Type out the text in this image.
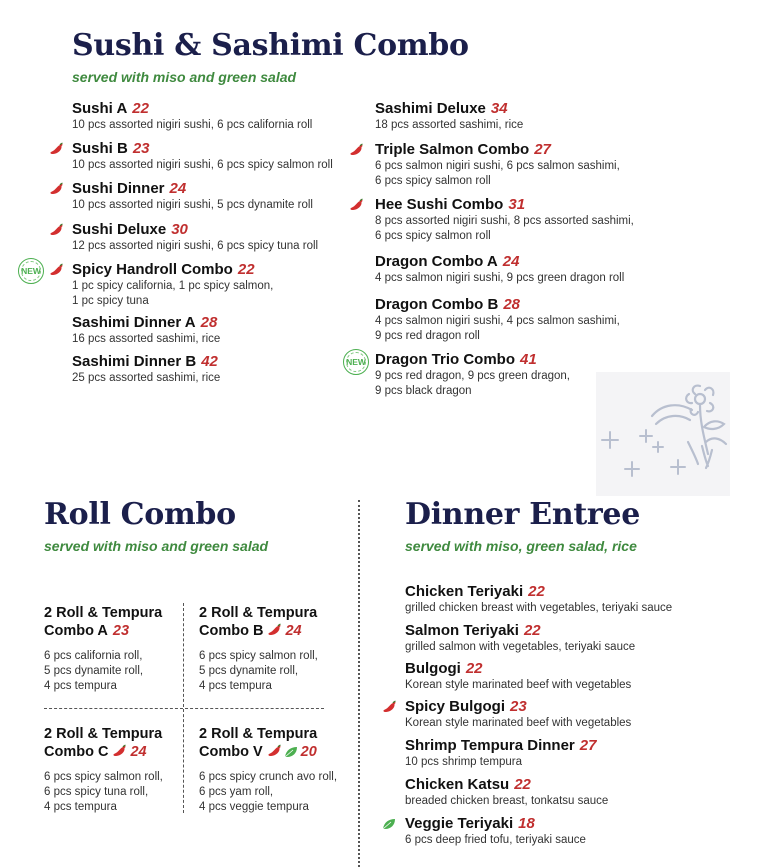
Sushi & Sashimi Combo
served with miso and green salad
Sushi A 22
10 pcs assorted nigiri sushi, 6 pcs california roll
Sushi B 23
10 pcs assorted nigiri sushi, 6 pcs spicy salmon roll
Sushi Dinner 24
10 pcs assorted nigiri sushi, 5 pcs dynamite roll
Sushi Deluxe 30
12 pcs assorted nigiri sushi, 6 pcs spicy tuna roll
NEW Spicy Handroll Combo 22
1 pc spicy california, 1 pc spicy salmon,
1 pc spicy tuna
Sashimi Dinner A 28
16 pcs assorted sashimi, rice
Sashimi Dinner B 42
25 pcs assorted sashimi, rice
Sashimi Deluxe 34
18 pcs assorted sashimi, rice
Triple Salmon Combo 27
6 pcs salmon nigiri sushi, 6 pcs salmon sashimi,
6 pcs spicy salmon roll
Hee Sushi Combo 31
8 pcs assorted nigiri sushi, 8 pcs assorted sashimi,
6 pcs spicy salmon roll
Dragon Combo A 24
4 pcs salmon nigiri sushi, 9 pcs green dragon roll
Dragon Combo B 28
4 pcs salmon nigiri sushi, 4 pcs salmon sashimi,
9 pcs red dragon roll
NEW Dragon Trio Combo 41
9 pcs red dragon, 9 pcs green dragon,
9 pcs black dragon
Roll Combo
served with miso and green salad
2 Roll & Tempura
Combo A 23
6 pcs california roll,
5 pcs dynamite roll,
4 pcs tempura
2 Roll & Tempura
Combo B 24
6 pcs spicy salmon roll,
5 pcs dynamite roll,
4 pcs tempura
2 Roll & Tempura
Combo C 24
6 pcs spicy salmon roll,
6 pcs spicy tuna roll,
4 pcs tempura
2 Roll & Tempura
Combo V	20
6 pcs spicy crunch avo roll,
6 pcs yam roll,
4 pcs veggie tempura
Dinner Entree
served with miso, green salad, rice
Chicken Teriyaki 22
grilled chicken breast with vegetables, teriyaki sauce
Salmon Teriyaki 22
grilled salmon with vegetables, teriyaki sauce
Bulgogi 22
Korean style marinated beef with vegetables
Spicy Bulgogi 23
Korean style marinated beef with vegetables
Shrimp Tempura Dinner 27
10 pcs shrimp tempura
Chicken Katsu 22
breaded chicken breast, tonkatsu sauce
Veggie Teriyaki 18
6 pcs deep fried tofu, teriyaki sauce
